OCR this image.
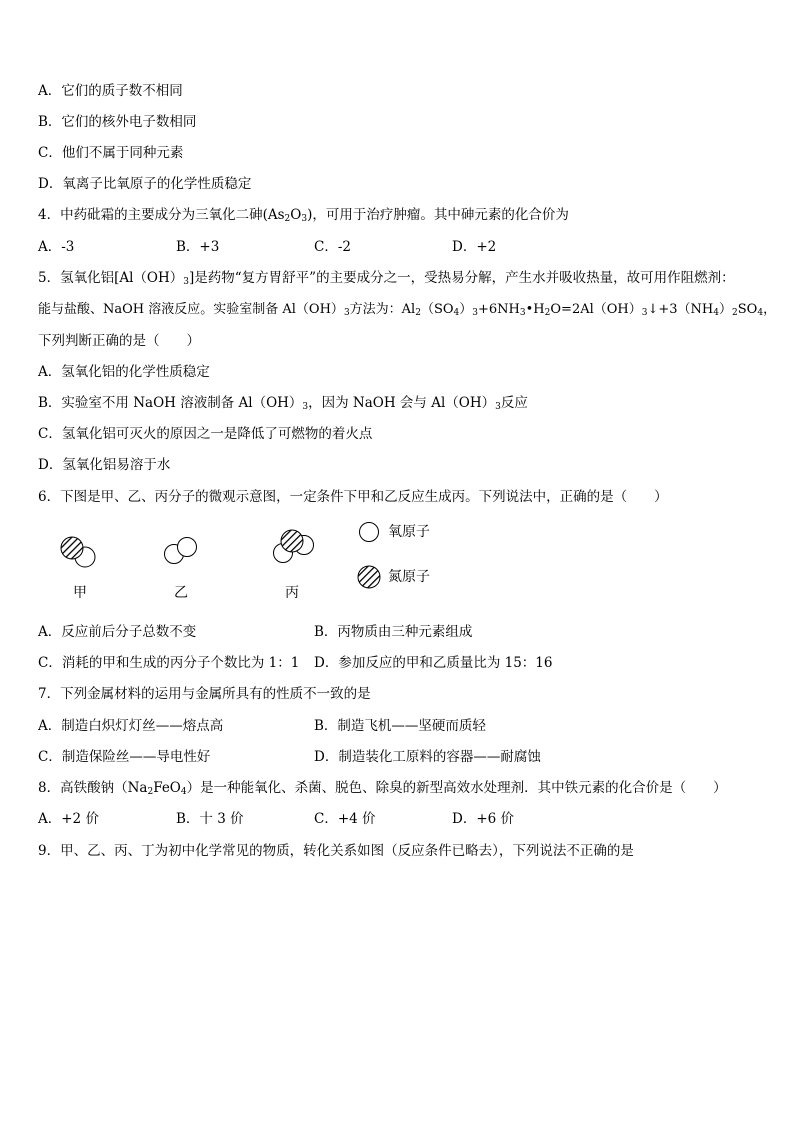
A．它们的质子数不相同
B．它们的核外电子数相同
C．他们不属于同种元素
D．氧离子比氧原子的化学性质稳定
4．中药砒霜的主要成分为三氧化二砷$(As_2O_3)$，可用于治疗肿瘤。其中砷元素的化合价为
A．-3	B．+3	C．-2	D．+2
5．氢氧化铝$[Al(OH)_3]$是药物“复方胃舒平”的主要成分之一，受热易分解，产生水并吸收热量，故可用作阻燃剂：
能与盐酸、NaOH 溶液反应。实验室制备 $Al(OH)_3$方法为：$Al_2(SO_4)_3+6NH_3•H_2O=2Al(OH)_3↓+3(NH_4)_2SO_4$，
下列判断正确的是（　　）
A．氢氧化铝的化学性质稳定
B．实验室不用 NaOH 溶液制备 $Al(OH)_3$，因为 NaOH 会与 $Al(OH)_3$反应
C．氢氧化铝可灭火的原因之一是降低了可燃物的着火点
D．氢氧化铝易溶于水
6．下图是甲、乙、丙分子的微观示意图，一定条件下甲和乙反应生成丙。下列说法中，正确的是（　　）
甲	乙	丙
氧原子
氮原子
A．反应前后分子总数不变	B．丙物质由三种元素组成
C．消耗的甲和生成的丙分子个数比为 1：1 D．参加反应的甲和乙质量比为 15：16
7．下列金属材料的运用与金属所具有的性质不一致的是
A．制造白炽灯灯丝——熔点高	B．制造飞机——坚硬而质轻
C．制造保险丝——导电性好	D．制造装化工原料的容器——耐腐蚀
8．高铁酸钠$(Na_2FeO_4)$是一种能氧化、杀菌、脱色、除臭的新型高效水处理剂．其中铁元素的化合价是（　　）
A．+2 价	B．十 3 价	C．+4 价	D．+6 价
9．甲、乙、丙、丁为初中化学常见的物质，转化关系如图（反应条件已略去），下列说法不正确的是
